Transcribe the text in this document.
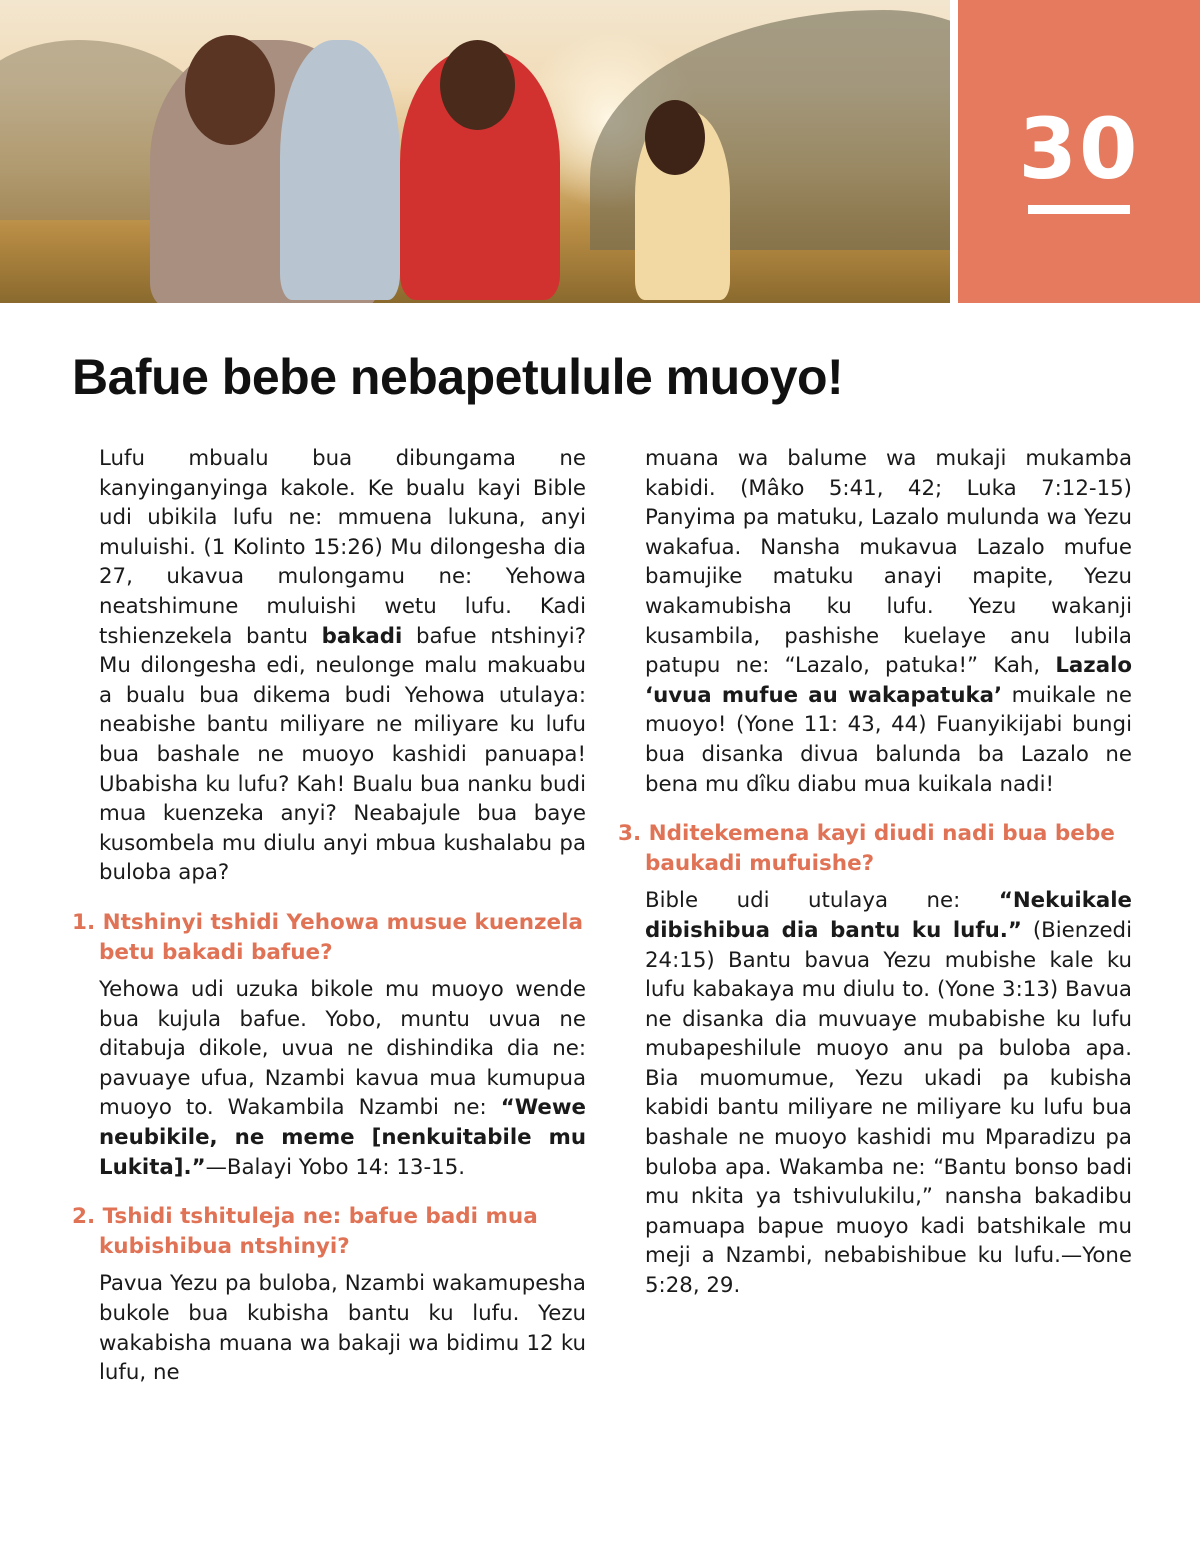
30
Bafue bebe nebapetulule muoyo!

Lufu mbualu bua dibungama ne kanyinganyinga kakole. Ke bualu kayi Bible udi ubikila lufu ne: mmuena lukuna, anyi muluishi. (1 Kolinto 15:26) Mu dilongesha dia 27, ukavua mulongamu ne: Yehowa neatshimune muluishi wetu lufu. Kadi tshienzekela bantu bakadi bafue ntshinyi? Mu dilongesha edi, neulonge malu makuabu a bualu bua dikema budi Yehowa utulaya: neabishe bantu miliyare ne miliyare ku lufu bua bashale ne muoyo kashidi panuapa! Ubabisha ku lufu? Kah! Bualu bua nanku budi mua kuenzeka anyi? Neabajule bua baye kusombela mu diulu anyi mbua kushalabu pa buloba apa?

1. Ntshinyi tshidi Yehowa musue kuenzela betu bakadi bafue?

Yehowa udi uzuka bikole mu muoyo wende bua kujula bafue. Yobo, muntu uvua ne ditabuja dikole, uvua ne dishindika dia ne: pavuaye ufua, Nzambi kavua mua kumupua muoyo to. Wakambila Nzambi ne: “Wewe neubikile, ne meme [nenkuitabile mu Lukita].”—Balayi Yobo 14: 13-15.

2. Tshidi tshituleja ne: bafue badi mua kubishibua ntshinyi?

Pavua Yezu pa buloba, Nzambi wakamupesha bukole bua kubisha bantu ku lufu. Yezu wakabisha muana wa bakaji wa bidimu 12 ku lufu, ne

muana wa balume wa mukaji mukamba kabidi. (Mâko 5:41, 42; Luka 7:12-15) Panyima pa matuku, Lazalo mulunda wa Yezu wakafua. Nansha mukavua Lazalo mufue bamujike matuku anayi mapite, Yezu wakamubisha ku lufu. Yezu wakanji kusambila, pashishe kuelaye anu lubila patupu ne: “Lazalo, patuka!” Kah, Lazalo ‘uvua mufue au wakapatuka’ muikale ne muoyo! (Yone 11: 43, 44) Fuanyikijabi bungi bua disanka divua balunda ba Lazalo ne bena mu dîku diabu mua kuikala nadi!

3. Nditekemena kayi diudi nadi bua bebe baukadi mufuishe?

Bible udi utulaya ne: “Nekuikale dibishibua dia bantu ku lufu.” (Bienzedi 24:15) Bantu bavua Yezu mubishe kale ku lufu kabakaya mu diulu to. (Yone 3:13) Bavua ne disanka dia muvuaye mubabishe ku lufu mubapeshilule muoyo anu pa buloba apa. Bia muomumue, Yezu ukadi pa kubisha kabidi bantu miliyare ne miliyare ku lufu bua bashale ne muoyo kashidi mu Mparadizu pa buloba apa. Wakamba ne: “Bantu bonso badi mu nkita ya tshivulukilu,” nansha bakadibu pamuapa bapue muoyo kadi batshikale mu meji a Nzambi, nebabishibue ku lufu.—Yone 5:28, 29.
